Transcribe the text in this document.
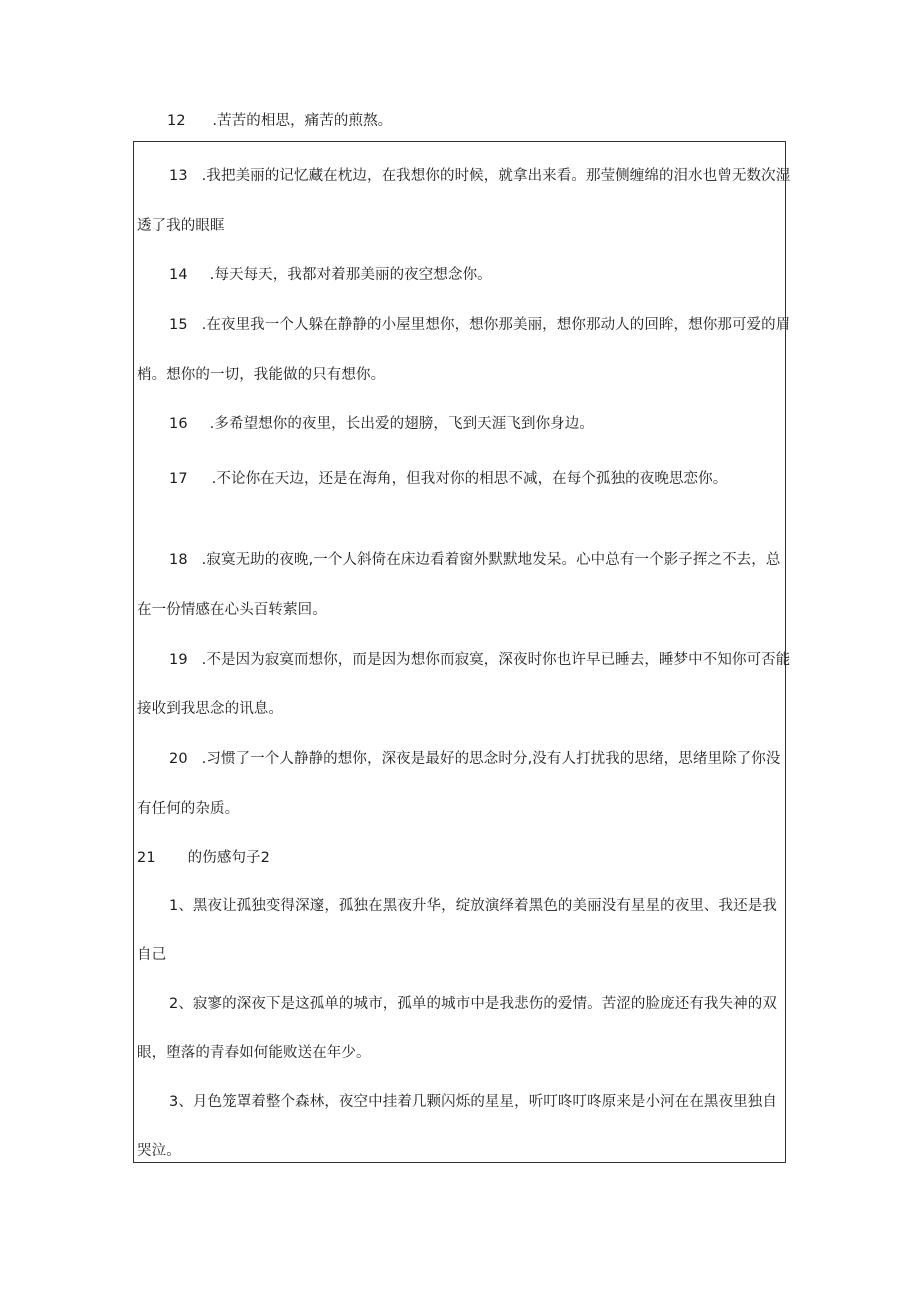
12 .苦苦的相思，痛苦的煎熬。
13 .我把美丽的记忆藏在枕边，在我想你的时候，就拿出来看。那莹侧缠绵的泪水也曾无数次湿
透了我的眼眶
14 .每天每天，我都对着那美丽的夜空想念你。
15 .在夜里我一个人躲在静静的小屋里想你，想你那美丽，想你那动人的回眸，想你那可爱的眉
梢。想你的一切，我能做的只有想你。
16 .多希望想你的夜里，长出爱的翅膀，飞到天涯飞到你身边。
17 .不论你在天边，还是在海角，但我对你的相思不减，在每个孤独的夜晚思恋你。
18 .寂寞无助的夜晚,一个人斜倚在床边看着窗外默默地发呆。心中总有一个影子挥之不去，总
在一份情感在心头百转萦回。
19 .不是因为寂寞而想你，而是因为想你而寂寞，深夜时你也许早已睡去，睡梦中不知你可否能
接收到我思念的讯息。
20 .习惯了一个人静静的想你，深夜是最好的思念时分,没有人打扰我的思绪，思绪里除了你没
有任何的杂质。
21 的伤感句子2
1、黑夜让孤独变得深邃，孤独在黑夜升华，绽放演绎着黑色的美丽没有星星的夜里、我还是我
自己
2、寂寥的深夜下是这孤单的城市，孤单的城市中是我悲伤的爱情。苦涩的脸庞还有我失神的双
眼，堕落的青春如何能败送在年少。
3、月色笼罩着整个森林，夜空中挂着几颗闪烁的星星，听叮咚叮咚原来是小河在在黑夜里独自
哭泣。
